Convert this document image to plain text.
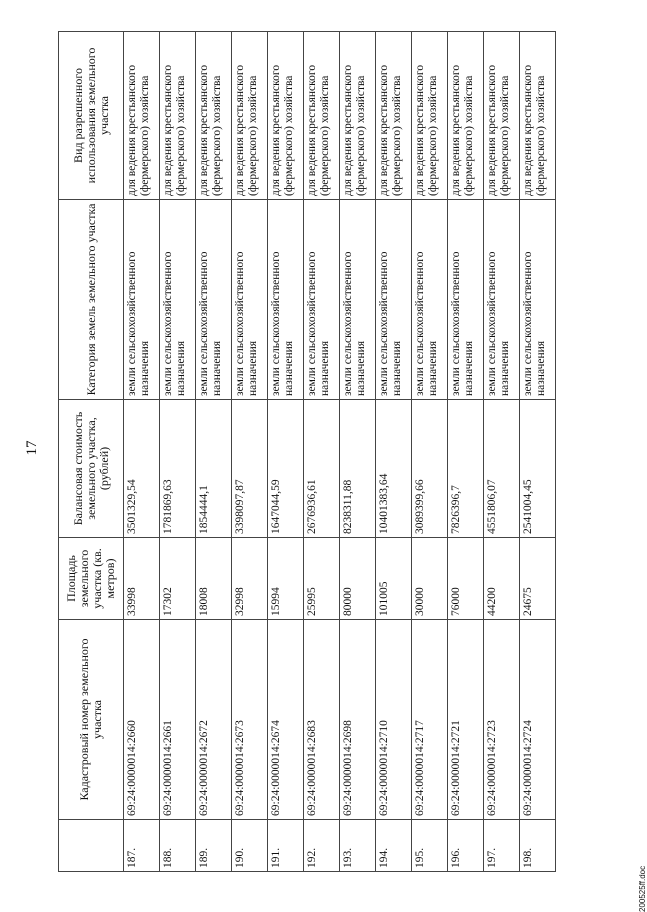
17
	Кадастровый номер земельного участка	Площадь земельного участка (кв. метров)	Балансовая стоимость земельного участка, (рублей)	Категория земель земельного участка	Вид разрешенного использования земельного участка
187.	69:24:0000014:2660	33998	3501329,54	земли сельскохозяйственного назначения	для ведения крестьянского (фермерского) хозяйства
188.	69:24:0000014:2661	17302	1781869,63	земли сельскохозяйственного назначения	для ведения крестьянского (фермерского) хозяйства
189.	69:24:0000014:2672	18008	1854444,1	земли сельскохозяйственного назначения	для ведения крестьянского (фермерского) хозяйства
190.	69:24:0000014:2673	32998	3398097,87	земли сельскохозяйственного назначения	для ведения крестьянского (фермерского) хозяйства
191.	69:24:0000014:2674	15994	1647044,59	земли сельскохозяйственного назначения	для ведения крестьянского (фермерского) хозяйства
192.	69:24:0000014:2683	25995	2676936,61	земли сельскохозяйственного назначения	для ведения крестьянского (фермерского) хозяйства
193.	69:24:0000014:2698	80000	8238311,88	земли сельскохозяйственного назначения	для ведения крестьянского (фермерского) хозяйства
194.	69:24:0000014:2710	101005	10401383,64	земли сельскохозяйственного назначения	для ведения крестьянского (фермерского) хозяйства
195.	69:24:0000014:2717	30000	3089399,66	земли сельскохозяйственного назначения	для ведения крестьянского (фермерского) хозяйства
196.	69:24:0000014:2721	76000	7826396,7	земли сельскохозяйственного назначения	для ведения крестьянского (фермерского) хозяйства
197.	69:24:0000014:2723	44200	4551806,07	земли сельскохозяйственного назначения	для ведения крестьянского (фермерского) хозяйства
198.	69:24:0000014:2724	24675	2541004,45	земли сельскохозяйственного назначения	для ведения крестьянского (фермерского) хозяйства
200525ff.doc
